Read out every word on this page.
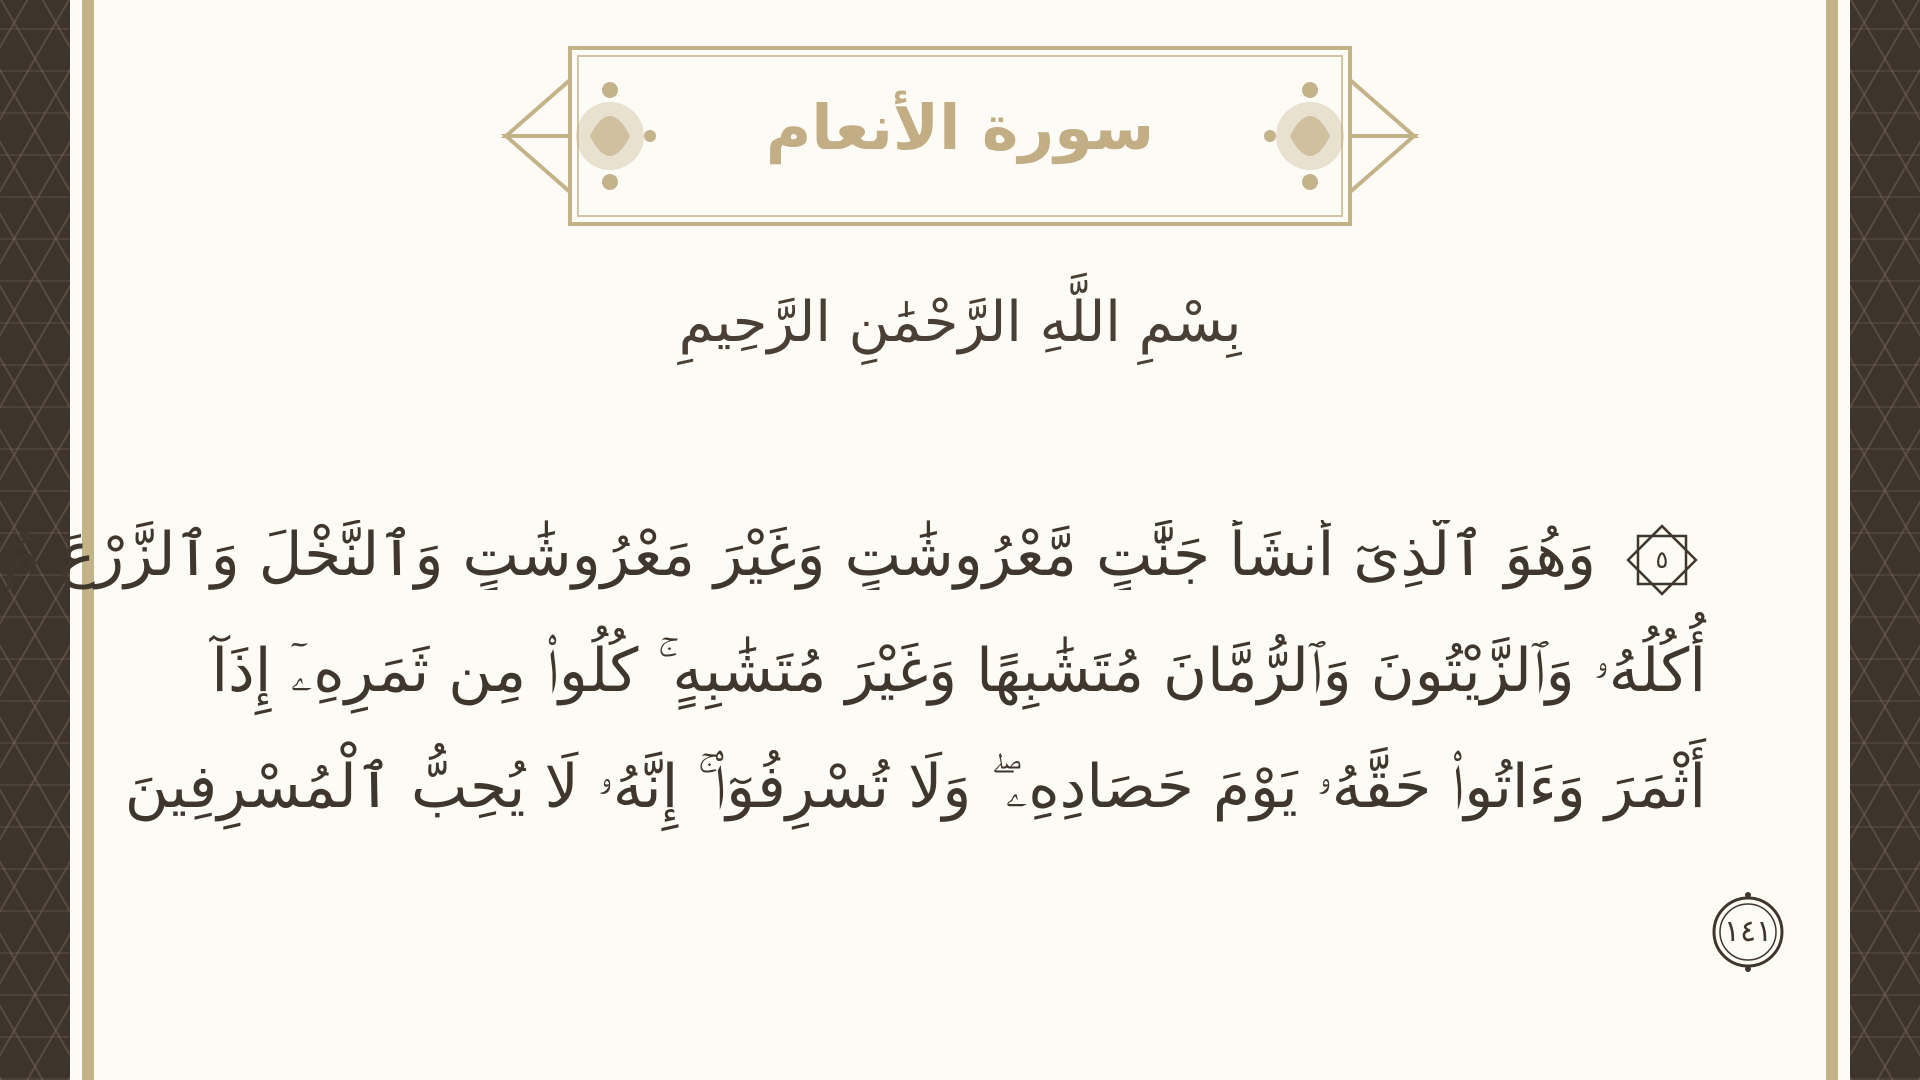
سورة الأنعام
بِسْمِ اللَّهِ الرَّحْمَٰنِ الرَّحِيمِ
٥
وَهُوَ ٱلَّذِىٓ أَنشَأَ جَنَّٰتٍ مَّعْرُوشَٰتٍ وَغَيْرَ مَعْرُوشَٰتٍ وَٱلنَّخْلَ وَٱلزَّرْعَ مُ
أُكُلُهُۥ وَٱلزَّيْتُونَ وَٱلرُّمَّانَ مُتَشَٰبِهًا وَغَيْرَ مُتَشَٰبِهٍ ۚ كُلُوا۟ مِن ثَمَرِهِۦٓ إِذَآ
أَثْمَرَ وَءَاتُوا۟ حَقَّهُۥ يَوْمَ حَصَادِهِۦ ۖ وَلَا تُسْرِفُوٓا۟ ۚ إِنَّهُۥ لَا يُحِبُّ ٱلْمُسْرِفِينَ
١٤١
